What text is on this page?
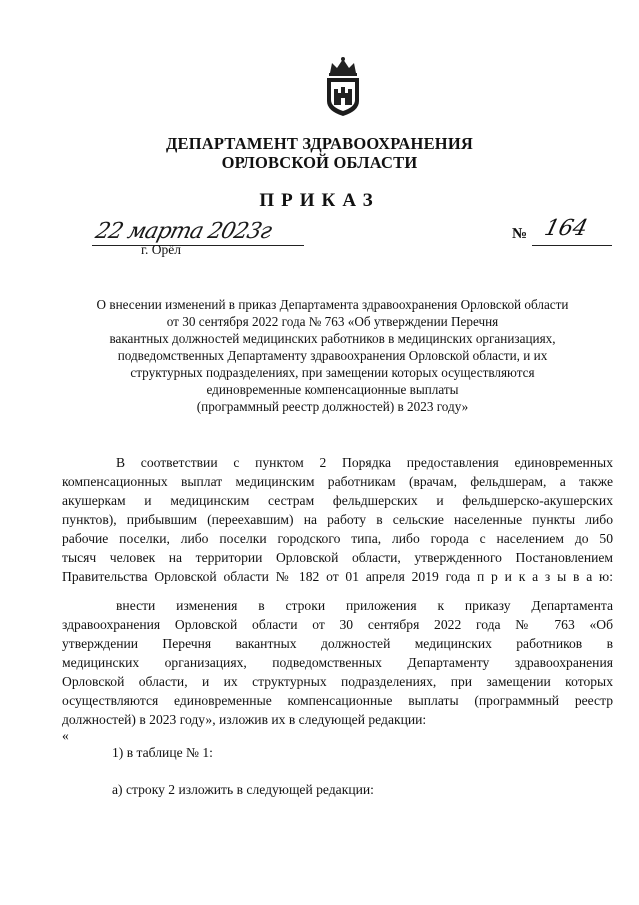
ДЕПАРТАМЕНТ ЗДРАВООХРАНЕНИЯ
ОРЛОВСКОЙ ОБЛАСТИ
ПРИКАЗ
22 марта 2023г
г. Орёл
№ 164
О внесении изменений в приказ Департамента здравоохранения Орловской области
от 30 сентября 2022 года № 763 «Об утверждении Перечня
вакантных должностей медицинских работников в медицинских организациях,
подведомственных Департаменту здравоохранения Орловской области, и их
структурных подразделениях, при замещении которых осуществляются
единовременные компенсационные выплаты
(программный реестр должностей) в 2023 году»
В соответствии с пунктом 2 Порядка предоставления единовременных
компенсационных выплат медицинским работникам (врачам, фельдшерам, а также
акушеркам и медицинским сестрам фельдшерских и фельдшерско-акушерских
пунктов), прибывшим (переехавшим) на работу в сельские населенные пункты либо
рабочие поселки, либо поселки городского типа, либо города с населением до 50
тысяч человек на территории Орловской области, утвержденного Постановлением
Правительства Орловской области № 182 от 01 апреля 2019 года п р и к а з ы в а ю:
внести изменения в строки приложения к приказу Департамента
здравоохранения Орловской области от 30 сентября 2022 года № 763 «Об
утверждении Перечня вакантных должностей медицинских работников в
медицинских организациях, подведомственных Департаменту здравоохранения
Орловской области, и их структурных подразделениях, при замещении которых
осуществляются единовременные компенсационные выплаты (программный реестр
должностей) в 2023 году», изложив их в следующей редакции:
«
1) в таблице № 1:
а) строку 2 изложить в следующей редакции:
